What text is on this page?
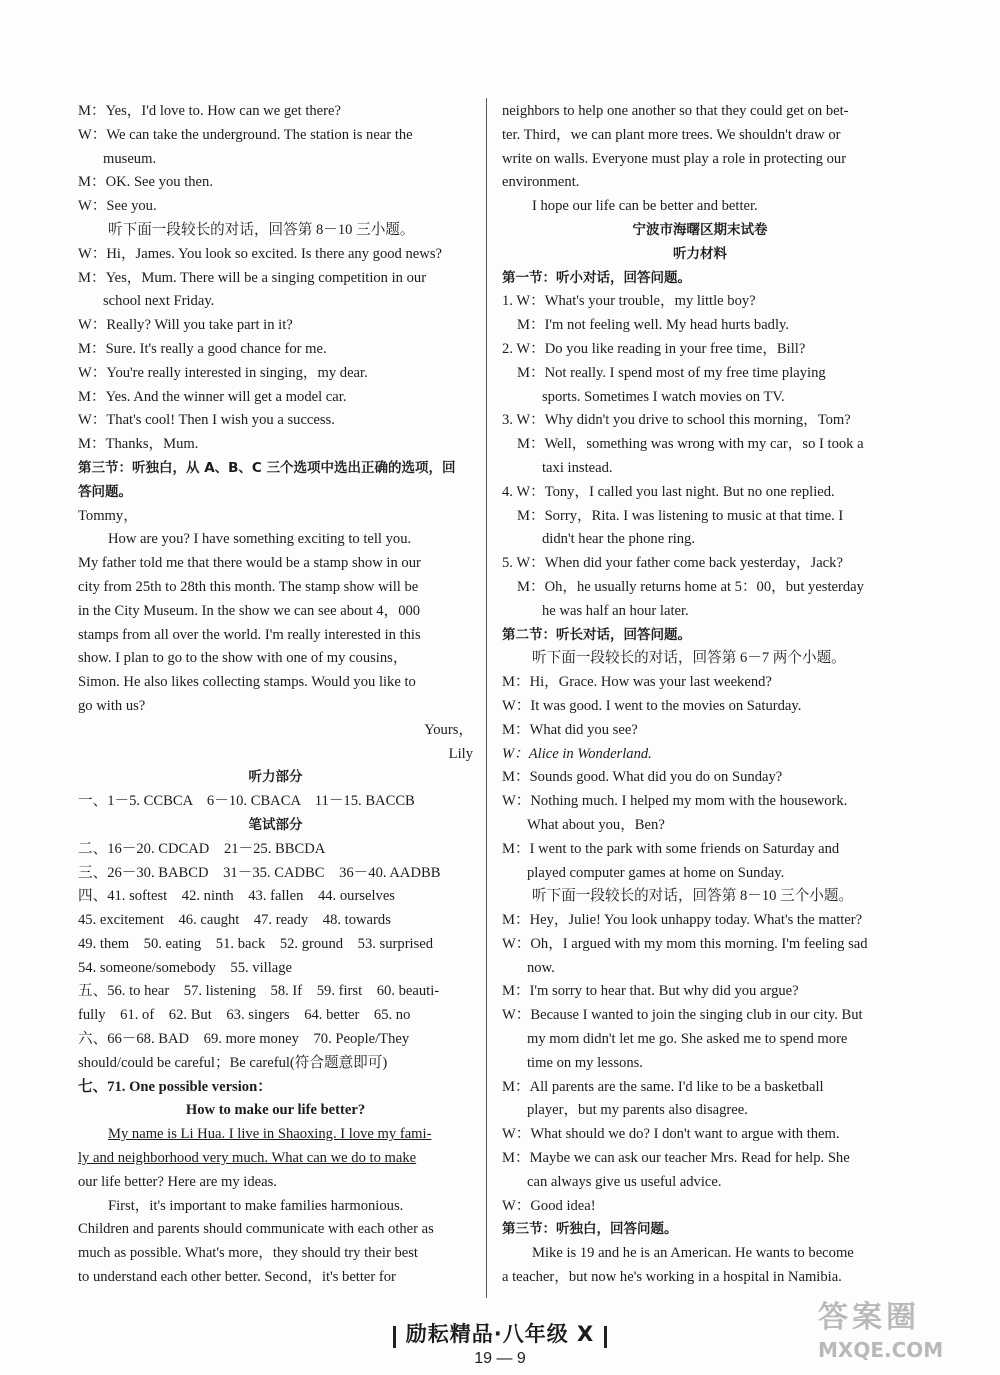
M：Yes，I'd love to. How can we get there?
W：We can take the underground. The station is near the
museum.
M：OK. See you then.
W：See you.
听下面一段较长的对话，回答第 8－10 三小题。
W：Hi，James. You look so excited. Is there any good news?
M：Yes，Mum. There will be a singing competition in our
school next Friday.
W：Really? Will you take part in it?
M：Sure. It's really a good chance for me.
W：You're really interested in singing，my dear.
M：Yes. And the winner will get a model car.
W：That's cool! Then I wish you a success.
M：Thanks，Mum.
第三节：听独白，从 A、B、C 三个选项中选出正确的选项，回
答问题。
Tommy，
How are you? I have something exciting to tell you.
My father told me that there would be a stamp show in our
city from 25th to 28th this month. The stamp show will be
in the City Museum. In the show we can see about 4，000
stamps from all over the world. I'm really interested in this
show. I plan to go to the show with one of my cousins，
Simon. He also likes collecting stamps. Would you like to
go with us?
Yours，
Lily
听力部分
一、1－5. CCBCA　6－10. CBACA　11－15. BACCB
笔试部分
二、16－20. CDCAD　21－25. BBCDA
三、26－30. BABCD　31－35. CADBC　36－40. AADBB
四、41. softest　42. ninth　43. fallen　44. ourselves
45. excitement　46. caught　47. ready　48. towards
49. them　50. eating　51. back　52. ground　53. surprised
54. someone/somebody　55. village
五、56. to hear　57. listening　58. If　59. first　60. beauti-
fully　61. of　62. But　63. singers　64. better　65. no
六、66－68. BAD　69. more money　70. People/They
should/could be careful；Be careful(符合题意即可)
七、71. One possible version：
How to make our life better?
My name is Li Hua. I live in Shaoxing. I love my fami-
ly and neighborhood very much. What can we do to make
our life better? Here are my ideas.
First，it's important to make families harmonious.
Children and parents should communicate with each other as
much as possible. What's more，they should try their best
to understand each other better. Second，it's better for
neighbors to help one another so that they could get on bet-
ter. Third，we can plant more trees. We shouldn't draw or
write on walls. Everyone must play a role in protecting our
environment.
I hope our life can be better and better.
宁波市海曙区期末试卷
听力材料
第一节：听小对话，回答问题。
1. W：What's your trouble，my little boy?
M：I'm not feeling well. My head hurts badly.
2. W：Do you like reading in your free time，Bill?
M：Not really. I spend most of my free time playing
sports. Sometimes I watch movies on TV.
3. W：Why didn't you drive to school this morning，Tom?
M：Well，something was wrong with my car，so I took a
taxi instead.
4. W：Tony，I called you last night. But no one replied.
M：Sorry，Rita. I was listening to music at that time. I
didn't hear the phone ring.
5. W：When did your father come back yesterday，Jack?
M：Oh，he usually returns home at 5：00，but yesterday
he was half an hour later.
第二节：听长对话，回答问题。
听下面一段较长的对话，回答第 6－7 两个小题。
M：Hi，Grace. How was your last weekend?
W：It was good. I went to the movies on Saturday.
M：What did you see?
W：Alice in Wonderland.
M：Sounds good. What did you do on Sunday?
W：Nothing much. I helped my mom with the housework.
What about you，Ben?
M：I went to the park with some friends on Saturday and
played computer games at home on Sunday.
听下面一段较长的对话，回答第 8－10 三个小题。
M：Hey，Julie! You look unhappy today. What's the matter?
W：Oh，I argued with my mom this morning. I'm feeling sad
now.
M：I'm sorry to hear that. But why did you argue?
W：Because I wanted to join the singing club in our city. But
my mom didn't let me go. She asked me to spend more
time on my lessons.
M：All parents are the same. I'd like to be a basketball
player，but my parents also disagree.
W：What should we do? I don't want to argue with them.
M：Maybe we can ask our teacher Mrs. Read for help. She
can always give us useful advice.
W：Good idea!
第三节：听独白，回答问题。
Mike is 19 and he is an American. He wants to become
a teacher，but now he's working in a hospital in Namibia.
励耘精品·八年级 X
19 — 9
答案圈
MXQE.COM
